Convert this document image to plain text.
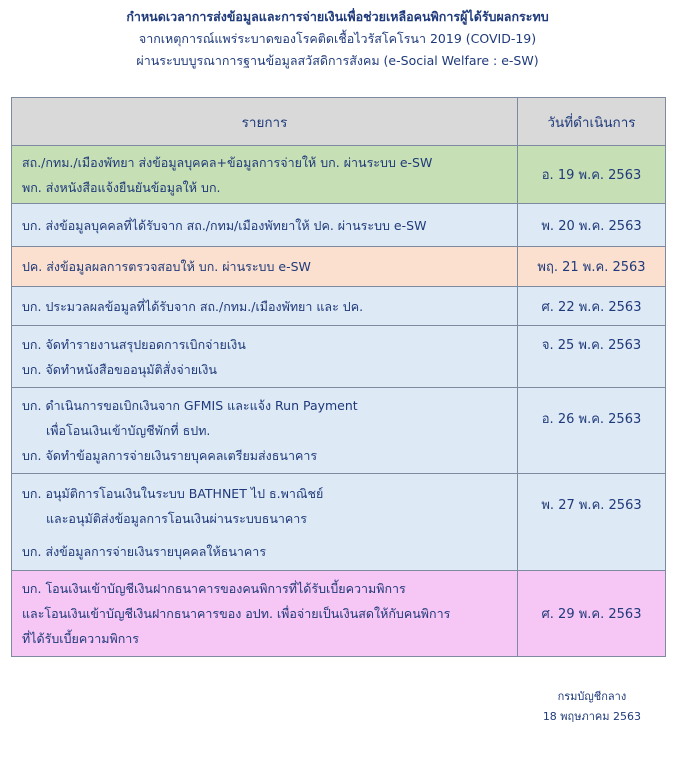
กำหนดเวลาการส่งข้อมูลและการจ่ายเงินเพื่อช่วยเหลือคนพิการผู้ได้รับผลกระทบ
จากเหตุการณ์แพร่ระบาดของโรคติดเชื้อไวรัสโคโรนา 2019 (COVID-19)
ผ่านระบบบูรณาการฐานข้อมูลสวัสดิการสังคม (e-Social Welfare : e-SW)
รายการ	วันที่ดำเนินการ

สถ./กทม./เมืองพัทยา ส่งข้อมูลบุคคล+ข้อมูลการจ่ายให้ บก. ผ่านระบบ e-SW
พก. ส่งหนังสือแจ้งยืนยันข้อมูลให้ บก.	อ. 19 พ.ค. 2563

บก. ส่งข้อมูลบุคคลที่ได้รับจาก สถ./กทม/เมืองพัทยาให้ ปค. ผ่านระบบ e-SW	พ. 20 พ.ค. 2563

ปค. ส่งข้อมูลผลการตรวจสอบให้ บก. ผ่านระบบ e-SW	พฤ. 21 พ.ค. 2563

บก. ประมวลผลข้อมูลที่ได้รับจาก สถ./กทม./เมืองพัทยา และ ปค.	ศ. 22 พ.ค. 2563

บก. จัดทำรายงานสรุปยอดการเบิกจ่ายเงิน
บก. จัดทำหนังสือขออนุมัติสั่งจ่ายเงิน	จ. 25 พ.ค. 2563

บก. ดำเนินการขอเบิกเงินจาก GFMIS และแจ้ง Run Payment
เพื่อโอนเงินเข้าบัญชีพักที่ ธปท.
บก. จัดทำข้อมูลการจ่ายเงินรายบุคคลเตรียมส่งธนาคาร	อ. 26 พ.ค. 2563

บก. อนุมัติการโอนเงินในระบบ BATHNET ไป ธ.พาณิชย์
และอนุมัติส่งข้อมูลการโอนเงินผ่านระบบธนาคาร
บก. ส่งข้อมูลการจ่ายเงินรายบุคคลให้ธนาคาร	พ. 27 พ.ค. 2563

บก. โอนเงินเข้าบัญชีเงินฝากธนาคารของคนพิการที่ได้รับเบี้ยความพิการ
และโอนเงินเข้าบัญชีเงินฝากธนาคารของ อปท. เพื่อจ่ายเป็นเงินสดให้กับคนพิการ
ที่ได้รับเบี้ยความพิการ	ศ. 29 พ.ค. 2563
กรมบัญชีกลาง
18 พฤษภาคม 2563
